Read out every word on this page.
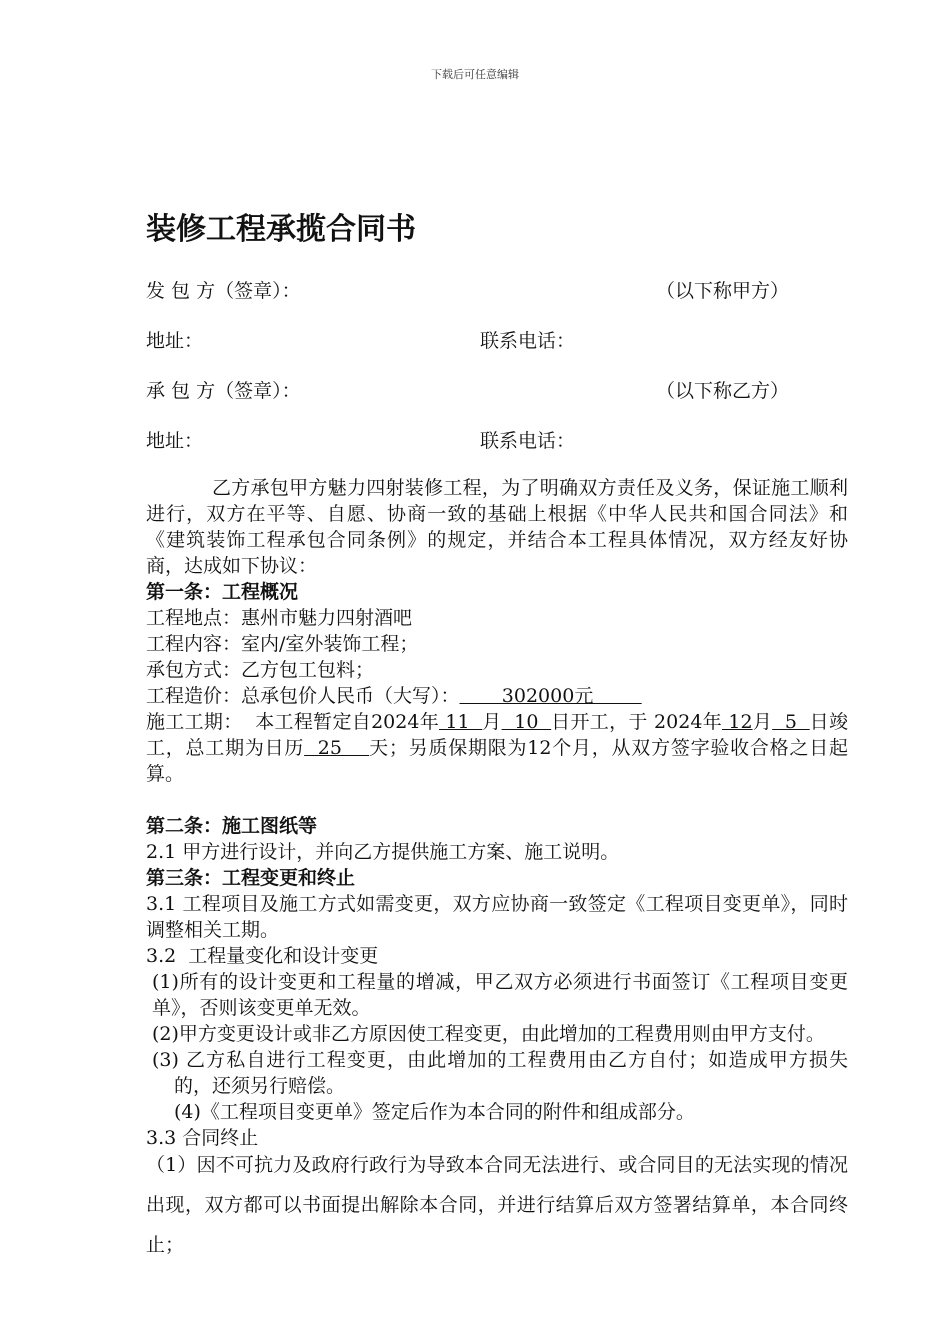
下载后可任意编辑
装修工程承揽合同书
发 包 方（签章）：	（以下称甲方）
地址：	联系电话：
承 包 方（签章）：	（以下称乙方）
地址：	联系电话：

乙方承包甲方魅力四射装修工程，为了明确双方责任及义务，保证施工顺利进行，双方在平等、自愿、协商一致的基础上根据《中华人民共和国合同法》和《建筑装饰工程承包合同条例》的规定，并结合本工程具体情况，双方经友好协商，达成如下协议：

第一条：工程概况

工程地点：惠州市魅力四射酒吧

工程内容：室内/室外装饰工程；

承包方式：乙方包工包料；

工程造价：总承包价人民币（大写）：       302000元

施工工期：  本工程暂定自2024年 11  月  10  日开工，于 2024年 12月  5  日竣工，总工期为日历  25    天；另质保期限为12个月，从双方签字验收合格之日起算。

第二条：施工图纸等

2.1 甲方进行设计，并向乙方提供施工方案、施工说明。

第三条：工程变更和终止

3.1 工程项目及施工方式如需变更，双方应协商一致签定《工程项目变更单》，同时调整相关工期。

3.2  工程量变化和设计变更

(1)所有的设计变更和工程量的增减，甲乙双方必须进行书面签订《工程项目变更单》，否则该变更单无效。

(2)甲方变更设计或非乙方原因使工程变更，由此增加的工程费用则由甲方支付。

(3) 乙方私自进行工程变更，由此增加的工程费用由乙方自付；如造成甲方损失的，还须另行赔偿。

(4)《工程项目变更单》签定后作为本合同的附件和组成部分。

3.3 合同终止

（1）因不可抗力及政府行政行为导致本合同无法进行、或合同目的无法实现的情况出现，双方都可以书面提出解除本合同，并进行结算后双方签署结算单，本合同终止；
